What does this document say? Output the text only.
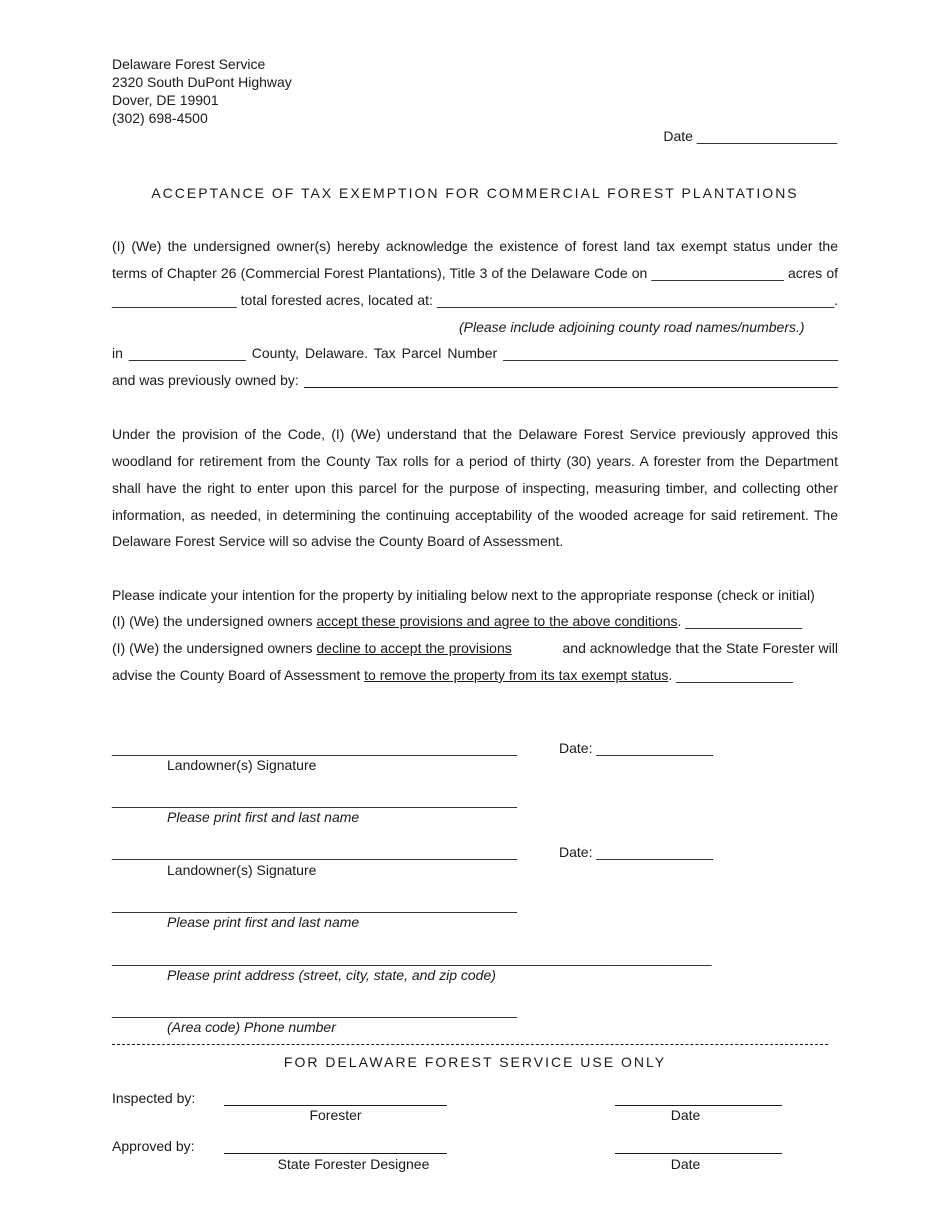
Delaware Forest Service
2320 South DuPont Highway
Dover, DE 19901
(302) 698-4500
Date __________________
ACCEPTANCE OF TAX EXEMPTION FOR COMMERCIAL FOREST PLANTATIONS
(I) (We) the undersigned owner(s) hereby acknowledge the existence of forest land tax exempt status under the
terms of Chapter 26 (Commercial Forest Plantations), Title 3 of the Delaware Code on _________________ acres of
________________ total forested acres, located at: ___________________________________________________.
(Please include adjoining county road names/numbers.)
in _______________ County, Delaware. Tax Parcel Number ___________________________________________
and was previously owned by:
Under the provision of the Code, (I) (We) understand that the Delaware Forest Service previously approved this
woodland for retirement from the County Tax rolls for a period of thirty (30) years. A forester from the Department
shall have the right to enter upon this parcel for the purpose of inspecting, measuring timber, and collecting other
information, as needed, in determining the continuing acceptability of the wooded acreage for said retirement. The
Delaware Forest Service will so advise the County Board of Assessment.
Please indicate your intention for the property by initialing below next to the appropriate response (check or initial)
(I) (We) the undersigned owners accept these provisions and agree to the above conditions. _______________
(I) (We) the undersigned owners decline to accept the provisions	and acknowledge that the State Forester will
advise the County Board of Assessment to remove the property from its tax exempt status. _______________
____________________________________________________	Date: _______________
Landowner(s) Signature
____________________________________________________
Please print first and last name
____________________________________________________	Date: _______________
Landowner(s) Signature
____________________________________________________
Please print first and last name
_____________________________________________________________________________
Please print address (street, city, state, and zip code)
____________________________________________________
(Area code) Phone number
FOR DELAWARE FOREST SERVICE USE ONLY
Inspected by:
Forester	Date
Approved by:
State Forester Designee	Date
